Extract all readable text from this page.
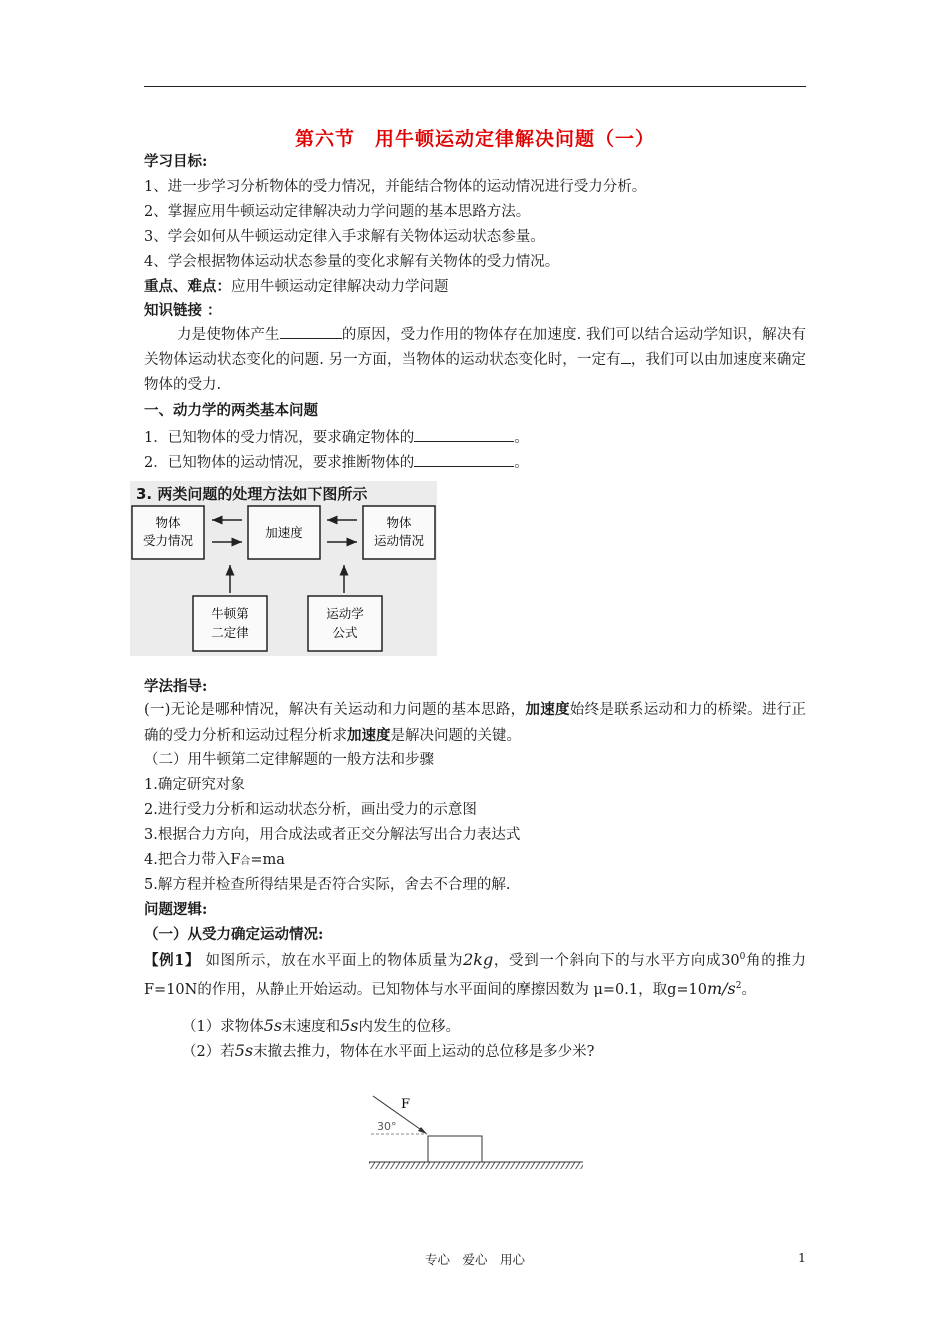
第六节　用牛顿运动定律解决问题（一）
学习目标:
1、进一步学习分析物体的受力情况，并能结合物体的运动情况进行受力分析。
2、掌握应用牛顿运动定律解决动力学问题的基本思路方法。
3、学会如何从牛顿运动定律入手求解有关物体运动状态参量。
4、学会根据物体运动状态参量的变化求解有关物体的受力情况。
重点、难点：应用牛顿运动定律解决动力学问题
知识链接 ：
力是使物体产生	的原因，受力作用的物体存在加速度. 我们可以结合运动学知识，解决有关物体运动状态变化的问题. 另一方面，当物体的运动状态变化时，一定有 ，我们可以由加速度来确定物体的受力.
一、动力学的两类基本问题
1．已知物体的受力情况，要求确定物体的	。
2．已知物体的运动情况，要求推断物体的	。
3. 两类问题的处理方法如下图所示
物体
受力情况
加速度
物体
运动情况
牛顿第
二定律
运动学
公式
学法指导:
(一)无论是哪种情况，解决有关运动和力问题的基本思路，加速度始终是联系运动和力的桥梁。进行正确的受力分析和运动过程分析求加速度是解决问题的关键。
（二）用牛顿第二定律解题的一般方法和步骤
1.确定研究对象
2.进行受力分析和运动状态分析，画出受力的示意图
3.根据合力方向，用合成法或者正交分解法写出合力表达式
4.把合力带入F合=ma
5.解方程并检查所得结果是否符合实际，舍去不合理的解.
问题逻辑:
（一）从受力确定运动情况:
【例1】 如图所示，放在水平面上的物体质量为2kg，受到一个斜向下的与水平方向成$30^0$角的推力F=10N的作用，从静止开始运动。已知物体与水平面间的摩擦因数为 μ=0.1，取$g=10m/s^2$。
（1）求物体5s末速度和5s内发生的位移。
（2）若5s末撤去推力，物体在水平面上运动的总位移是多少米?
F
30°
专心　爱心　用心	1
